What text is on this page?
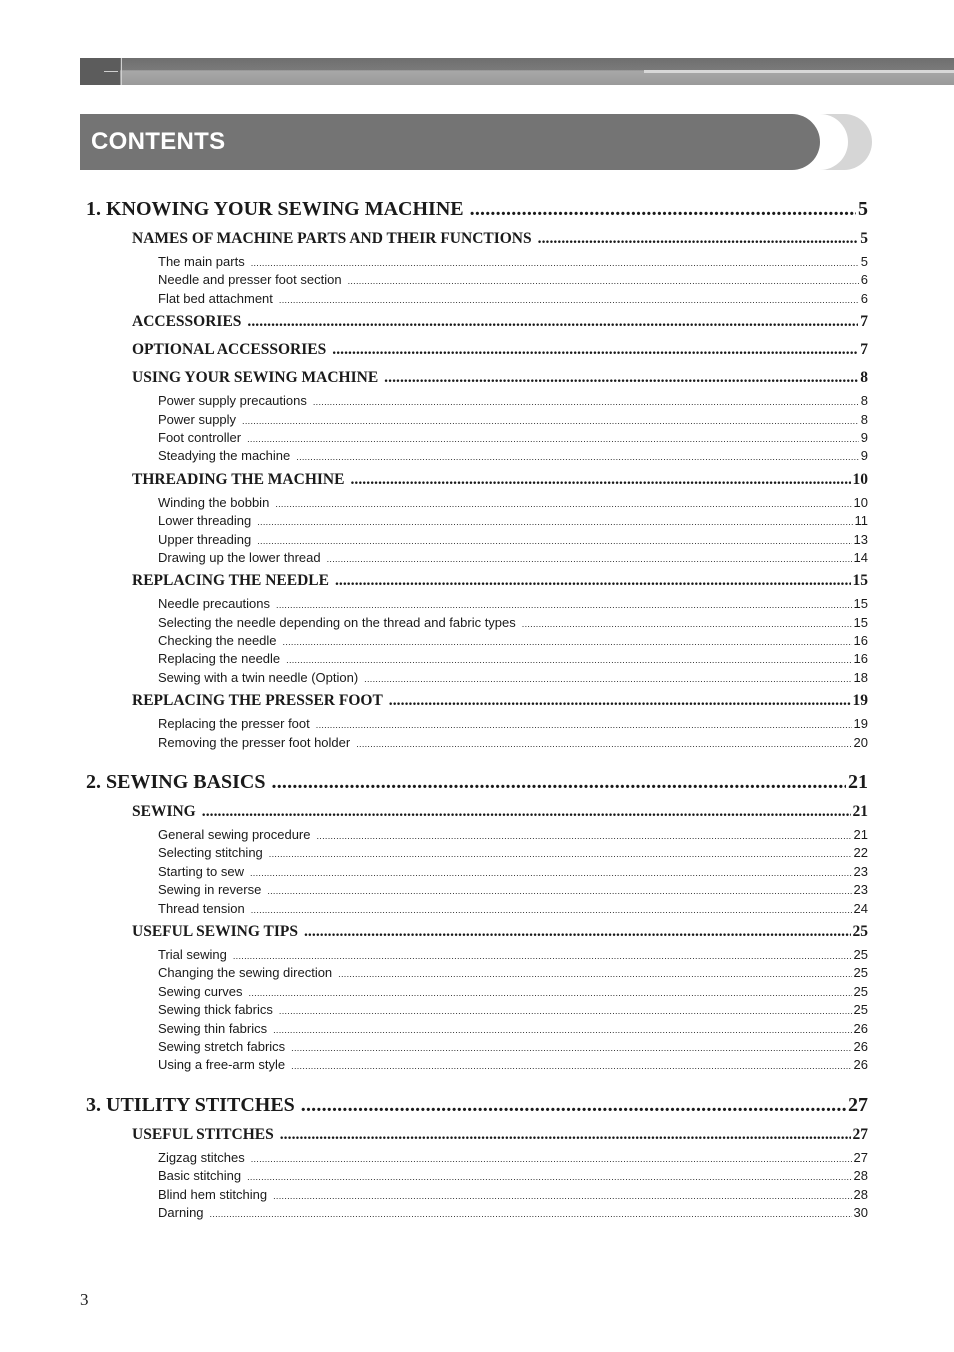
CONTENTS
1. KNOWING YOUR SEWING MACHINE . . .	5
NAMES OF MACHINE PARTS AND THEIR FUNCTIONS . . .	5
The main parts . . .	5
Needle and presser foot section . . .	6
Flat bed attachment . . .	6
ACCESSORIES . . .	7
OPTIONAL ACCESSORIES . . .	7
USING YOUR SEWING MACHINE . . .	8
Power supply precautions . . .	8
Power supply . . .	8
Foot controller . . .	9
Steadying the machine . . .	9
THREADING THE MACHINE . . .	10
Winding the bobbin . . .	10
Lower threading . . .	11
Upper threading . . .	13
Drawing up the lower thread . . .	14
REPLACING THE NEEDLE . . .	15
Needle precautions . . .	15
Selecting the needle depending on the thread and fabric types . . .	15
Checking the needle . . .	16
Replacing the needle . . .	16
Sewing with a twin needle (Option) . . .	18
REPLACING THE PRESSER FOOT . . .	19
Replacing the presser foot . . .	19
Removing the presser foot holder . . .	20
2. SEWING BASICS . . .	21
SEWING . . .	21
General sewing procedure . . .	21
Selecting stitching . . .	22
Starting to sew . . .	23
Sewing in reverse . . .	23
Thread tension . . .	24
USEFUL SEWING TIPS . . .	25
Trial sewing . . .	25
Changing the sewing direction . . .	25
Sewing curves . . .	25
Sewing thick fabrics . . .	25
Sewing thin fabrics . . .	26
Sewing stretch fabrics . . .	26
Using a free-arm style . . .	26
3. UTILITY STITCHES . . .	27
USEFUL STITCHES . . .	27
Zigzag stitches . . .	27
Basic stitching . . .	28
Blind hem stitching . . .	28
Darning . . .	30

3
